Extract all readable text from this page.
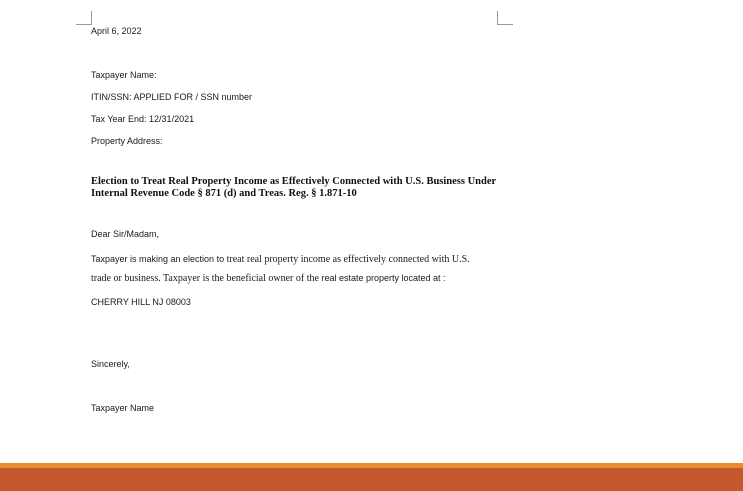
April 6, 2022
Taxpayer Name:
ITIN/SSN: APPLIED FOR / SSN number
Tax Year End: 12/31/2021
Property Address:
Election to Treat Real Property Income as Effectively Connected with U.S. Business Under Internal Revenue Code § 871 (d) and Treas. Reg. § 1.871-10
Dear Sir/Madam,
Taxpayer is making an election to treat real property income as effectively connected with U.S. trade or business. Taxpayer is the beneficial owner of the real estate property located at :
CHERRY HILL NJ 08003
Sincerely,
Taxpayer Name
